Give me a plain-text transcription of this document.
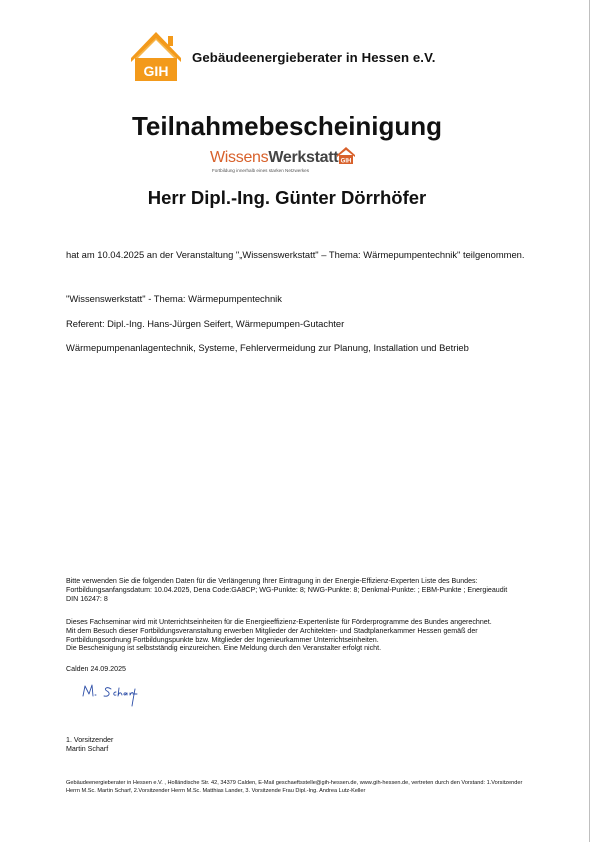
GIH
Gebäudeenergieberater in Hessen e.V.
Teilnahmebescheinigung
WissensWerkstatt
Fortbildung innerhalb eines starken Netzwerkes
GIH
Herr Dipl.-Ing. Günter Dörrhöfer
hat am 10.04.2025 an der Veranstaltung "„Wissenswerkstatt" – Thema: Wärmepumpentechnik" teilgenommen.
"Wissenswerkstatt" - Thema: Wärmepumpentechnik
Referent: Dipl.-Ing. Hans-Jürgen Seifert, Wärmepumpen-Gutachter
Wärmepumpenanlagentechnik, Systeme, Fehlervermeidung zur Planung, Installation und Betrieb
Bitte verwenden Sie die folgenden Daten für die Verlängerung Ihrer Eintragung in der Energie-Effizienz-Experten Liste des Bundes:
Fortbildungsanfangsdatum: 10.04.2025, Dena Code:GA8CP; WG-Punkte: 8; NWG-Punkte: 8; Denkmal-Punkte: ; EBM-Punkte ; Energieaudit
DIN 16247: 8
Dieses Fachseminar wird mit Unterrichtseinheiten für die Energieeffizienz-Expertenliste für Förderprogramme des Bundes angerechnet.
Mit dem Besuch dieser Fortbildungsveranstaltung erwerben Mitglieder der Architekten- und Stadtplanerkammer Hessen gemäß der
Fortbildungsordnung Fortbildungspunkte bzw. Mitglieder der Ingenieurkammer Unterrichtseinheiten.
Die Bescheinigung ist selbstständig einzureichen. Eine Meldung durch den Veranstalter erfolgt nicht.
Calden 24.09.2025
1. Vorsitzender
Martin Scharf
Gebäudeenergieberater in Hessen e.V. , Holländische Str. 42, 34379 Calden, E-Mail geschaeftsstelle@gih-hessen.de, www.gih-hessen.de, vertreten durch den Vorstand: 1.Vorsitzender
Herrn M.Sc. Martin Scharf, 2.Vorsitzender Herrn M.Sc. Matthias Lander, 3. Vorsitzende Frau Dipl.-Ing. Andrea Lutz-Keller
